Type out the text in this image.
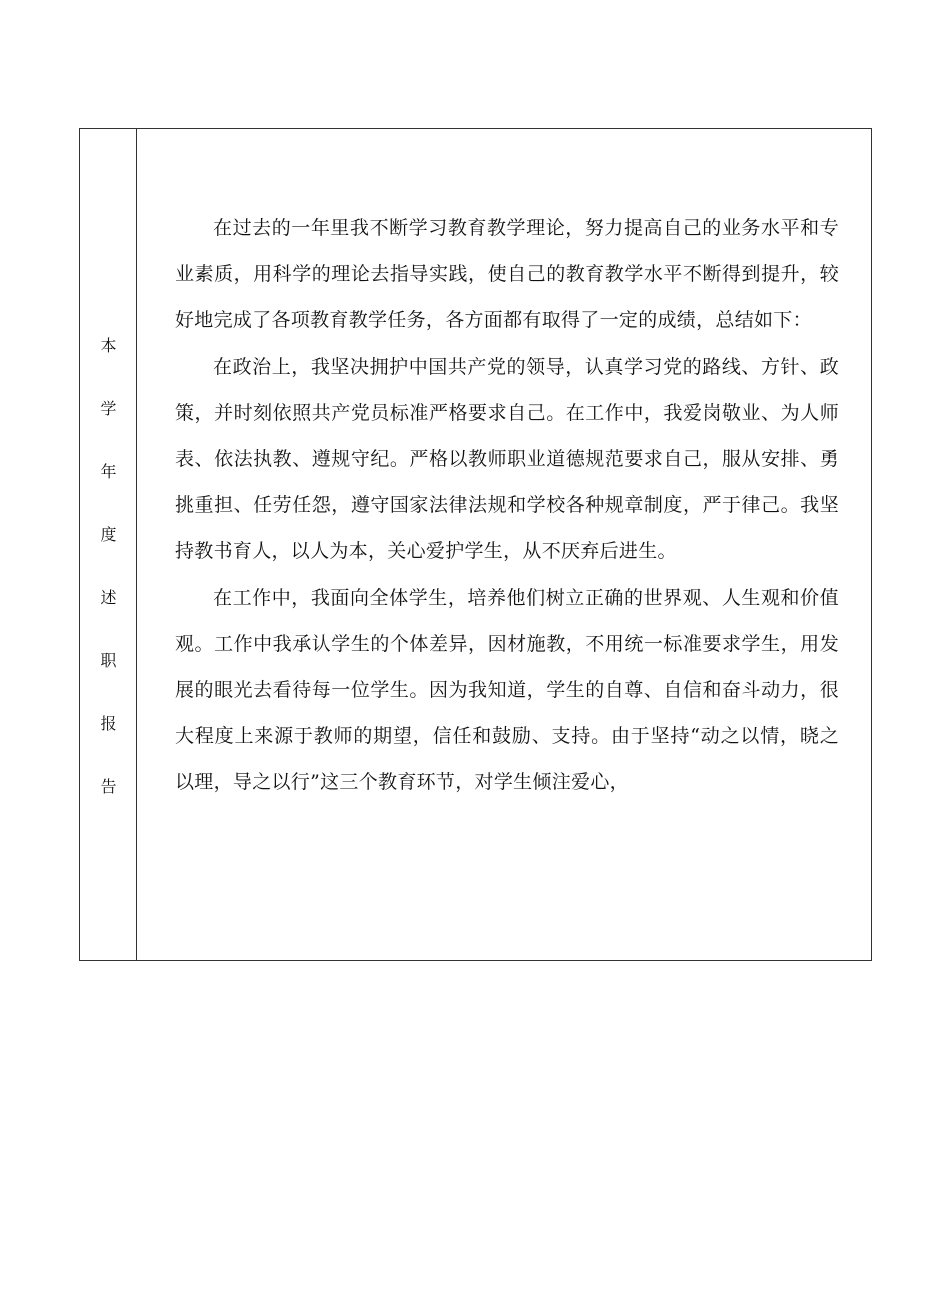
本
学
年
度
述
职
报
告

在过去的一年里我不断学习教育教学理论，努力提高自己的业务水平和专业素质，用科学的理论去指导实践，使自己的教育教学水平不断得到提升，较好地完成了各项教育教学任务，各方面都有取得了一定的成绩，总结如下：

在政治上，我坚决拥护中国共产党的领导，认真学习党的路线、方针、政策，并时刻依照共产党员标准严格要求自己。在工作中，我爱岗敬业、为人师表、依法执教、遵规守纪。严格以教师职业道德规范要求自己，服从安排、勇挑重担、任劳任怨，遵守国家法律法规和学校各种规章制度，严于律己。我坚持教书育人，以人为本，关心爱护学生，从不厌弃后进生。

在工作中，我面向全体学生，培养他们树立正确的世界观、人生观和价值观。工作中我承认学生的个体差异，因材施教，不用统一标准要求学生，用发展的眼光去看待每一位学生。因为我知道，学生的自尊、自信和奋斗动力，很大程度上来源于教师的期望，信任和鼓励、支持。由于坚持“动之以情，晓之以理，导之以行”这三个教育环节，对学生倾注爱心，
